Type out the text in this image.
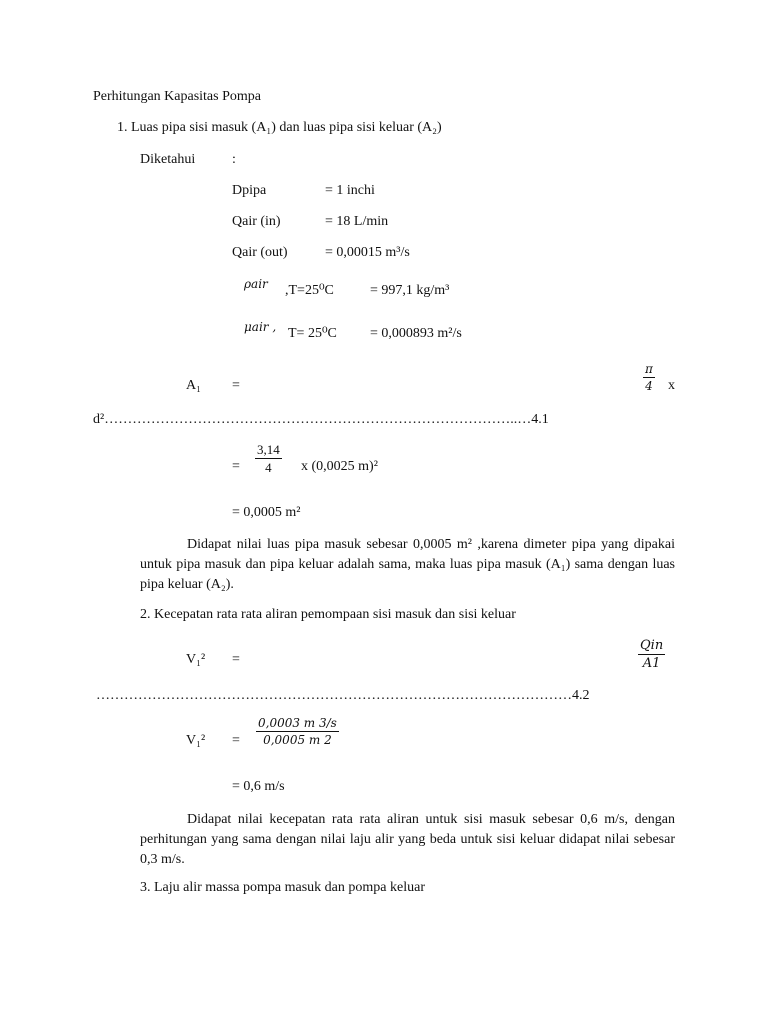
Perhitungan Kapasitas Pompa
1. Luas pipa sisi masuk (A₁) dan luas pipa sisi keluar (A₂)
Diketahui	:
Dpipa	= 1 inchi
Qair (in)	= 18 L/min
Qair (out)	= 0,00015 m³/s
ρair ,T=25⁰C	= 997,1 kg/m³
μair , T= 25⁰C = 0,000893 m²/s
A₁ =
π
4 x
d²……………………………………………………………………………..…4.1
=
3,14
4 x (0,0025 m)²
= 0,0005 m²
Didapat nilai luas pipa masuk sebesar 0,0005 m² ,karena dimeter pipa yang dipakai untuk pipa masuk dan pipa keluar adalah sama, maka luas pipa masuk (A₁) sama dengan luas pipa keluar (A₂).
2. Kecepatan rata rata aliran pemompaan sisi masuk dan sisi keluar
V₁² =
Qin
A1
…………………………………………………………………………………………4.2
V₁² =
0,0003 m 3/s
0,0005 m 2
= 0,6 m/s
Didapat nilai kecepatan rata rata aliran untuk sisi masuk sebesar 0,6 m/s, dengan perhitungan yang sama dengan nilai laju alir yang beda untuk sisi keluar didapat nilai sebesar 0,3 m/s.
3. Laju alir massa pompa masuk dan pompa keluar
